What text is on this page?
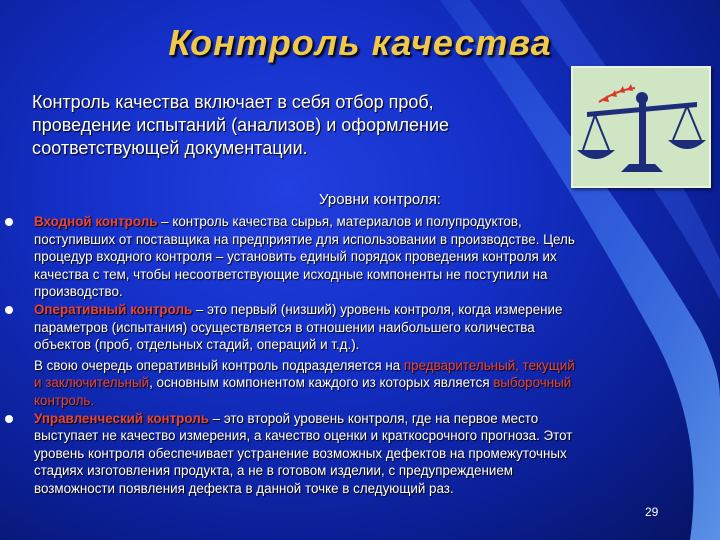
Контроль качества
Контроль качества включает в себя отбор проб,
проведение испытаний (анализов) и оформление
соответствующей документации.
Уровни контроля:
Входной контроль – контроль качества сырья, материалов и полупродуктов,
поступивших от поставщика на предприятие для использовании в производстве. Цель
процедур входного контроля – установить единый порядок проведения контроля их
качества с тем, чтобы несоответствующие исходные компоненты не поступили на
производство.
Оперативный контроль – это первый (низший) уровень контроля, когда измерение
параметров (испытания) осуществляется в отношении наибольшего количества
объектов (проб, отдельных стадий, операций и т.д.).
В свою очередь оперативный контроль подразделяется на предварительный, текущий
и заключительный, основным компонентом каждого из которых является выборочный
контроль.
Управленческий контроль – это второй уровень контроля, где на первое место
выступает не качество измерения, а качество оценки и краткосрочного прогноза. Этот
уровень контроля обеспечивает устранение возможных дефектов на промежуточных
стадиях изготовления продукта, а не в готовом изделии, с предупреждением
возможности появления дефекта в данной точке в следующий раз.
29
